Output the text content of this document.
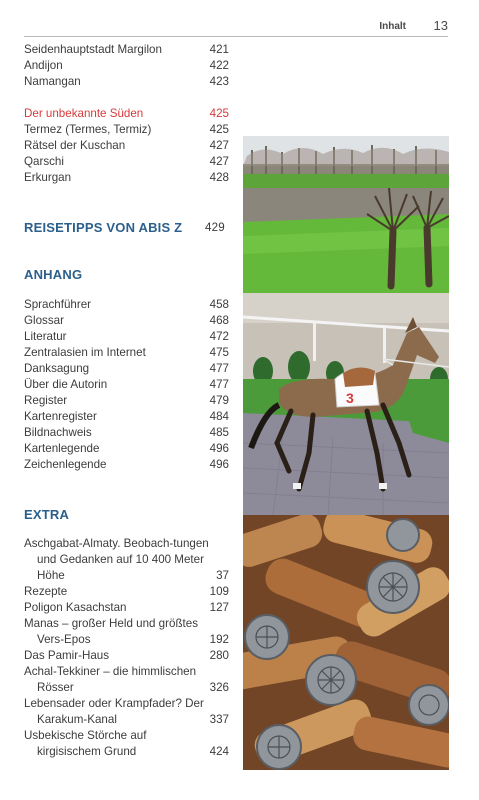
Inhalt 13
Seidenhauptstadt Margilon	421
Andijon	422
Namangan	423
Der unbekannte Süden	425
Termez (Termes, Termiz)	425
Rätsel der Kuschan	427
Qarschi	427
Erkurgan	428
REISETIPPS VON ABIS Z 429
ANHANG
Sprachführer	458
Glossar	468
Literatur	472
Zentralasien im Internet	475
Danksagung	477
Über die Autorin	477
Register	479
Kartenregister	484
Bildnachweis	485
Kartenlegende	496
Zeichenlegende	496
EXTRA
Aschgabat-Almaty. Beobach-tungen und Gedanken auf 10 400 Meter Höhe	37
Rezepte	109
Poligon Kasachstan	127
Manas – großer Held und größtes Vers-Epos	192
Das Pamir-Haus	280
Achal-Tekkiner – die himmlischen Rösser	326
Lebensader oder Krampfader? Der Karakum-Kanal	337
Usbekische Störche auf kirgisischem Grund	424
3
